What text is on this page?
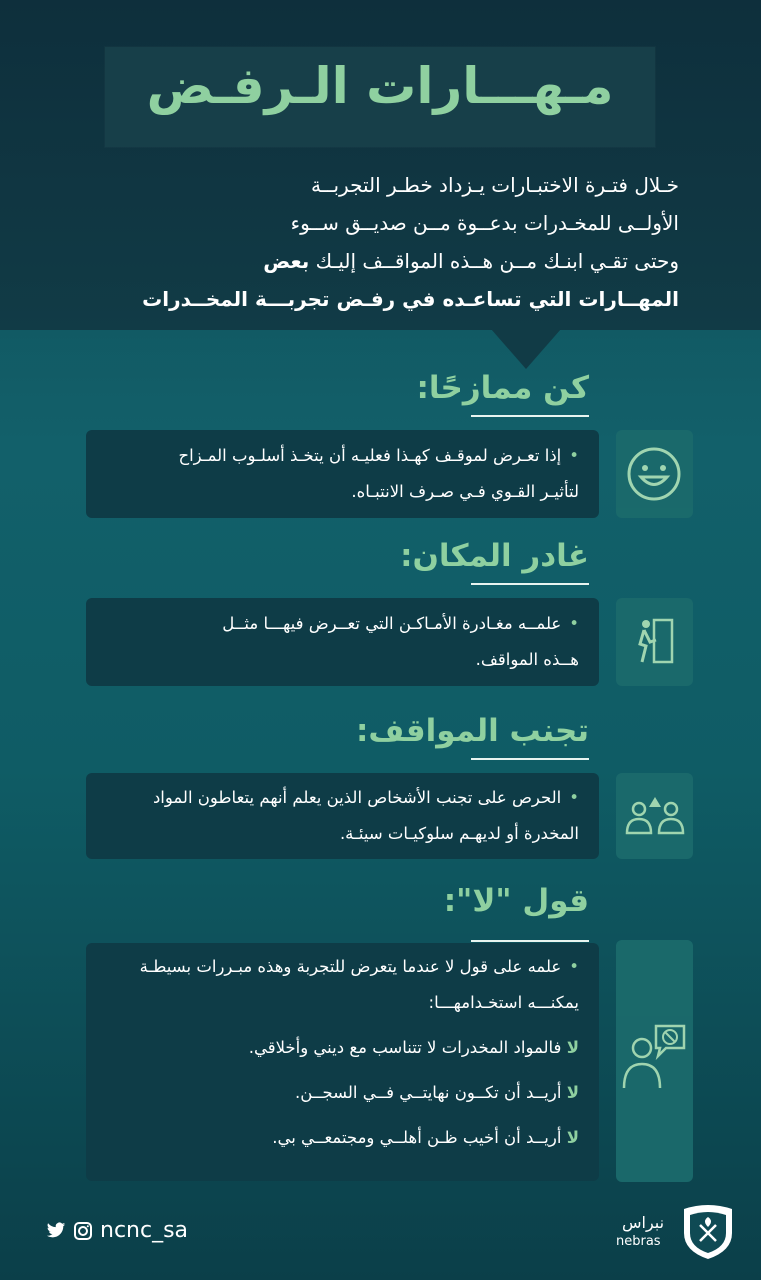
مـهـــارات الـرفـض
خـلال فتـرة الاختبـارات يـزداد خطـر التجربــة
الأولــى للمخـدرات بدعــوة مــن صديــق ســوء
وحتى تقـي ابنـك مــن هــذه المواقــف إليـك بعض
المهــارات التي تساعـده في رفـض تجربـــة المخــدرات
كن ممازحًا:
• إذا تعـرض لموقـف كهـذا فعليـه أن يتخـذ أسلـوب المـزاح
لتأثيـر القـوي فـي صـرف الانتبـاه.
غادر المكان:
• علمــه مغـادرة الأمـاكـن التي تعــرض فيهـــا مثــل
هــذه المواقف.
تجنب المواقف:
• الحرص على تجنب الأشخاص الذين يعلم أنهم يتعاطون المواد
المخدرة أو لديهـم سلوكيـات سيئـة.
قول "لا":
• علمه على قول لا عندما يتعرض للتجربة وهذه مبـررات بسيطـة
يمكنـــه استخـدامهـــا:
لا فالمواد المخدرات لا تتناسب مع ديني وأخلاقي.
لا أريــد أن تكــون نهايتــي فــي السجــن.
لا أريــد أن أخيب ظـن أهلــي ومجتمعــي بي.
ncnc_sa	نبراس
nebras
